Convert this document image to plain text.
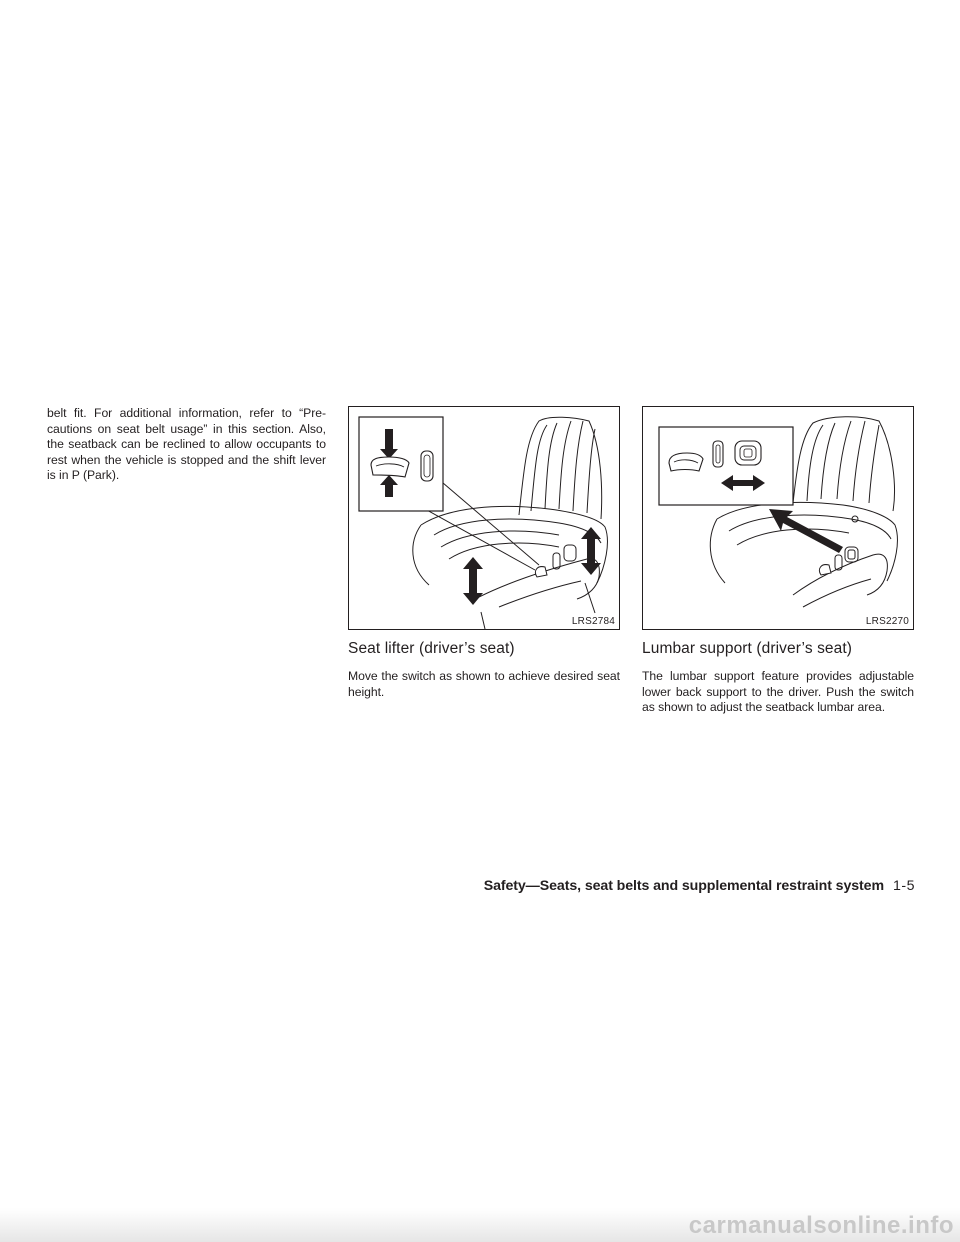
belt fit. For additional information, refer to “Pre-cautions on seat belt usage” in this section. Also, the seatback can be reclined to allow occupants to rest when the vehicle is stopped and the shift lever is in P (Park).

LRS2784
Seat lifter (driver’s seat)

Move the switch as shown to achieve desired seat height.

LRS2270
Lumbar support (driver’s seat)

The lumbar support feature provides adjustable lower back support to the driver. Push the switch as shown to adjust the seatback lumbar area.

Safety—Seats, seat belts and supplemental restraint system 1-5
carmanualsonline.info
